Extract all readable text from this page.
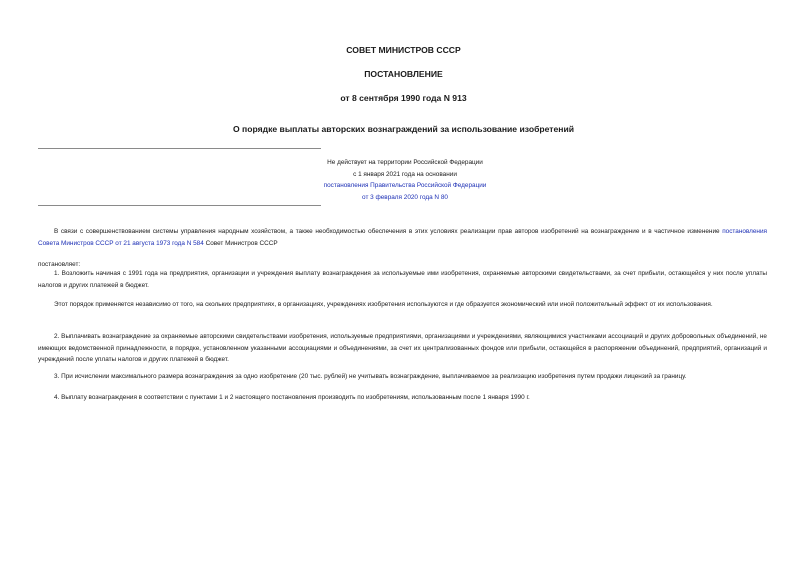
СОВЕТ МИНИСТРОВ СССР
ПОСТАНОВЛЕНИЕ
от 8 сентября 1990 года N 913
О порядке выплаты авторских вознаграждений за использование изобретений
Не действует на территории Российской Федерации
с 1 января 2021 года на основании
постановления Правительства Российской Федерации
от 3 февраля 2020 года N 80
В связи с совершенствованием системы управления народным хозяйством, а также необходимостью обеспечения в этих условиях реализации прав авторов изобретений на вознаграждение и в частичное изменение постановления Совета Министров СССР от 21 августа 1973 года N 584 Совет Министров СССР
постановляет:
1. Возложить начиная с 1991 года на предприятия, организации и учреждения выплату вознаграждения за используемые ими изобретения, охраняемые авторскими свидетельствами, за счет прибыли, остающейся у них после уплаты налогов и других платежей в бюджет.
Этот порядок применяется независимо от того, на скольких предприятиях, в организациях, учреждениях изобретения используются и где образуется экономический или иной положительный эффект от их использования.
2. Выплачивать вознаграждение за охраняемые авторскими свидетельствами изобретения, используемые предприятиями, организациями и учреждениями, являющимися участниками ассоциаций и других добровольных объединений, не имеющих ведомственной принадлежности, в порядке, установленном указанными ассоциациями и объединениями, за счет их централизованных фондов или прибыли, остающейся в распоряжении объединений, предприятий, организаций и учреждений после уплаты налогов и других платежей в бюджет.
3. При исчислении максимального размера вознаграждения за одно изобретение (20 тыс. рублей) не учитывать вознаграждение, выплачиваемое за реализацию изобретения путем продажи лицензий за границу.
4. Выплату вознаграждения в соответствии с пунктами 1 и 2 настоящего постановления производить по изобретениям, использованным после 1 января 1990 г.
